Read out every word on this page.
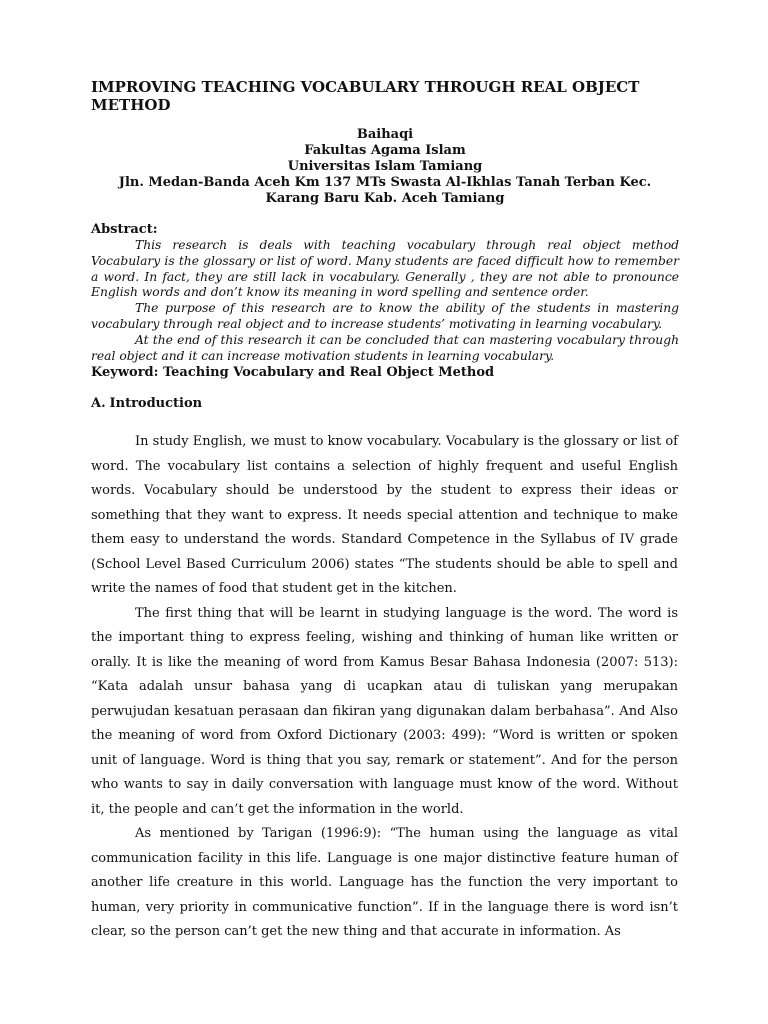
IMPROVING TEACHING VOCABULARY THROUGH REAL OBJECT METHOD
Baihaqi
Fakultas Agama Islam
Universitas Islam Tamiang
Jln. Medan-Banda Aceh Km 137 MTs Swasta Al-Ikhlas Tanah Terban Kec. Karang Baru Kab. Aceh Tamiang
Abstract:

This research is deals with teaching vocabulary through real object method Vocabulary is the glossary or list of word. Many students are faced difficult how to remember a word. In fact, they are still lack in vocabulary. Generally , they are not able to pronounce English words and don’t know its meaning in word spelling and sentence order.

The purpose of this research are to know the ability of the students in mastering vocabulary through real object and to increase students’ motivating in learning vocabulary.

At the end of this research it can be concluded that can mastering vocabulary through real object and it can increase motivation students in learning vocabulary.

Keyword: Teaching Vocabulary and Real Object Method
A. Introduction

In study English, we must to know vocabulary. Vocabulary is the glossary or list of word. The vocabulary list contains a selection of highly frequent and useful English words. Vocabulary should be understood by the student to express their ideas or something that they want to express. It needs special attention and technique to make them easy to understand the words. Standard Competence in the Syllabus of IV grade (School Level Based Curriculum 2006) states “The students should be able to spell and write the names of food that student get in the kitchen.

The first thing that will be learnt in studying language is the word. The word is the important thing to express feeling, wishing and thinking of human like written or orally. It is like the meaning of word from Kamus Besar Bahasa Indonesia (2007: 513): “Kata adalah unsur bahasa yang di ucapkan atau di tuliskan yang merupakan perwujudan kesatuan perasaan dan fikiran yang digunakan dalam berbahasa”. And Also the meaning of word from Oxford Dictionary (2003: 499): “Word is written or spoken unit of language. Word is thing that you say, remark or statement”. And for the person who wants to say in daily conversation with language must know of the word. Without it, the people and can’t get the information in the world.

As mentioned by Tarigan (1996:9): “The human using the language as vital communication facility in this life. Language is one major distinctive feature human of another life creature in this world. Language has the function the very important to human, very priority in communicative function”. If in the language there is word isn’t clear, so the person can’t get the new thing and that accurate in information. As
